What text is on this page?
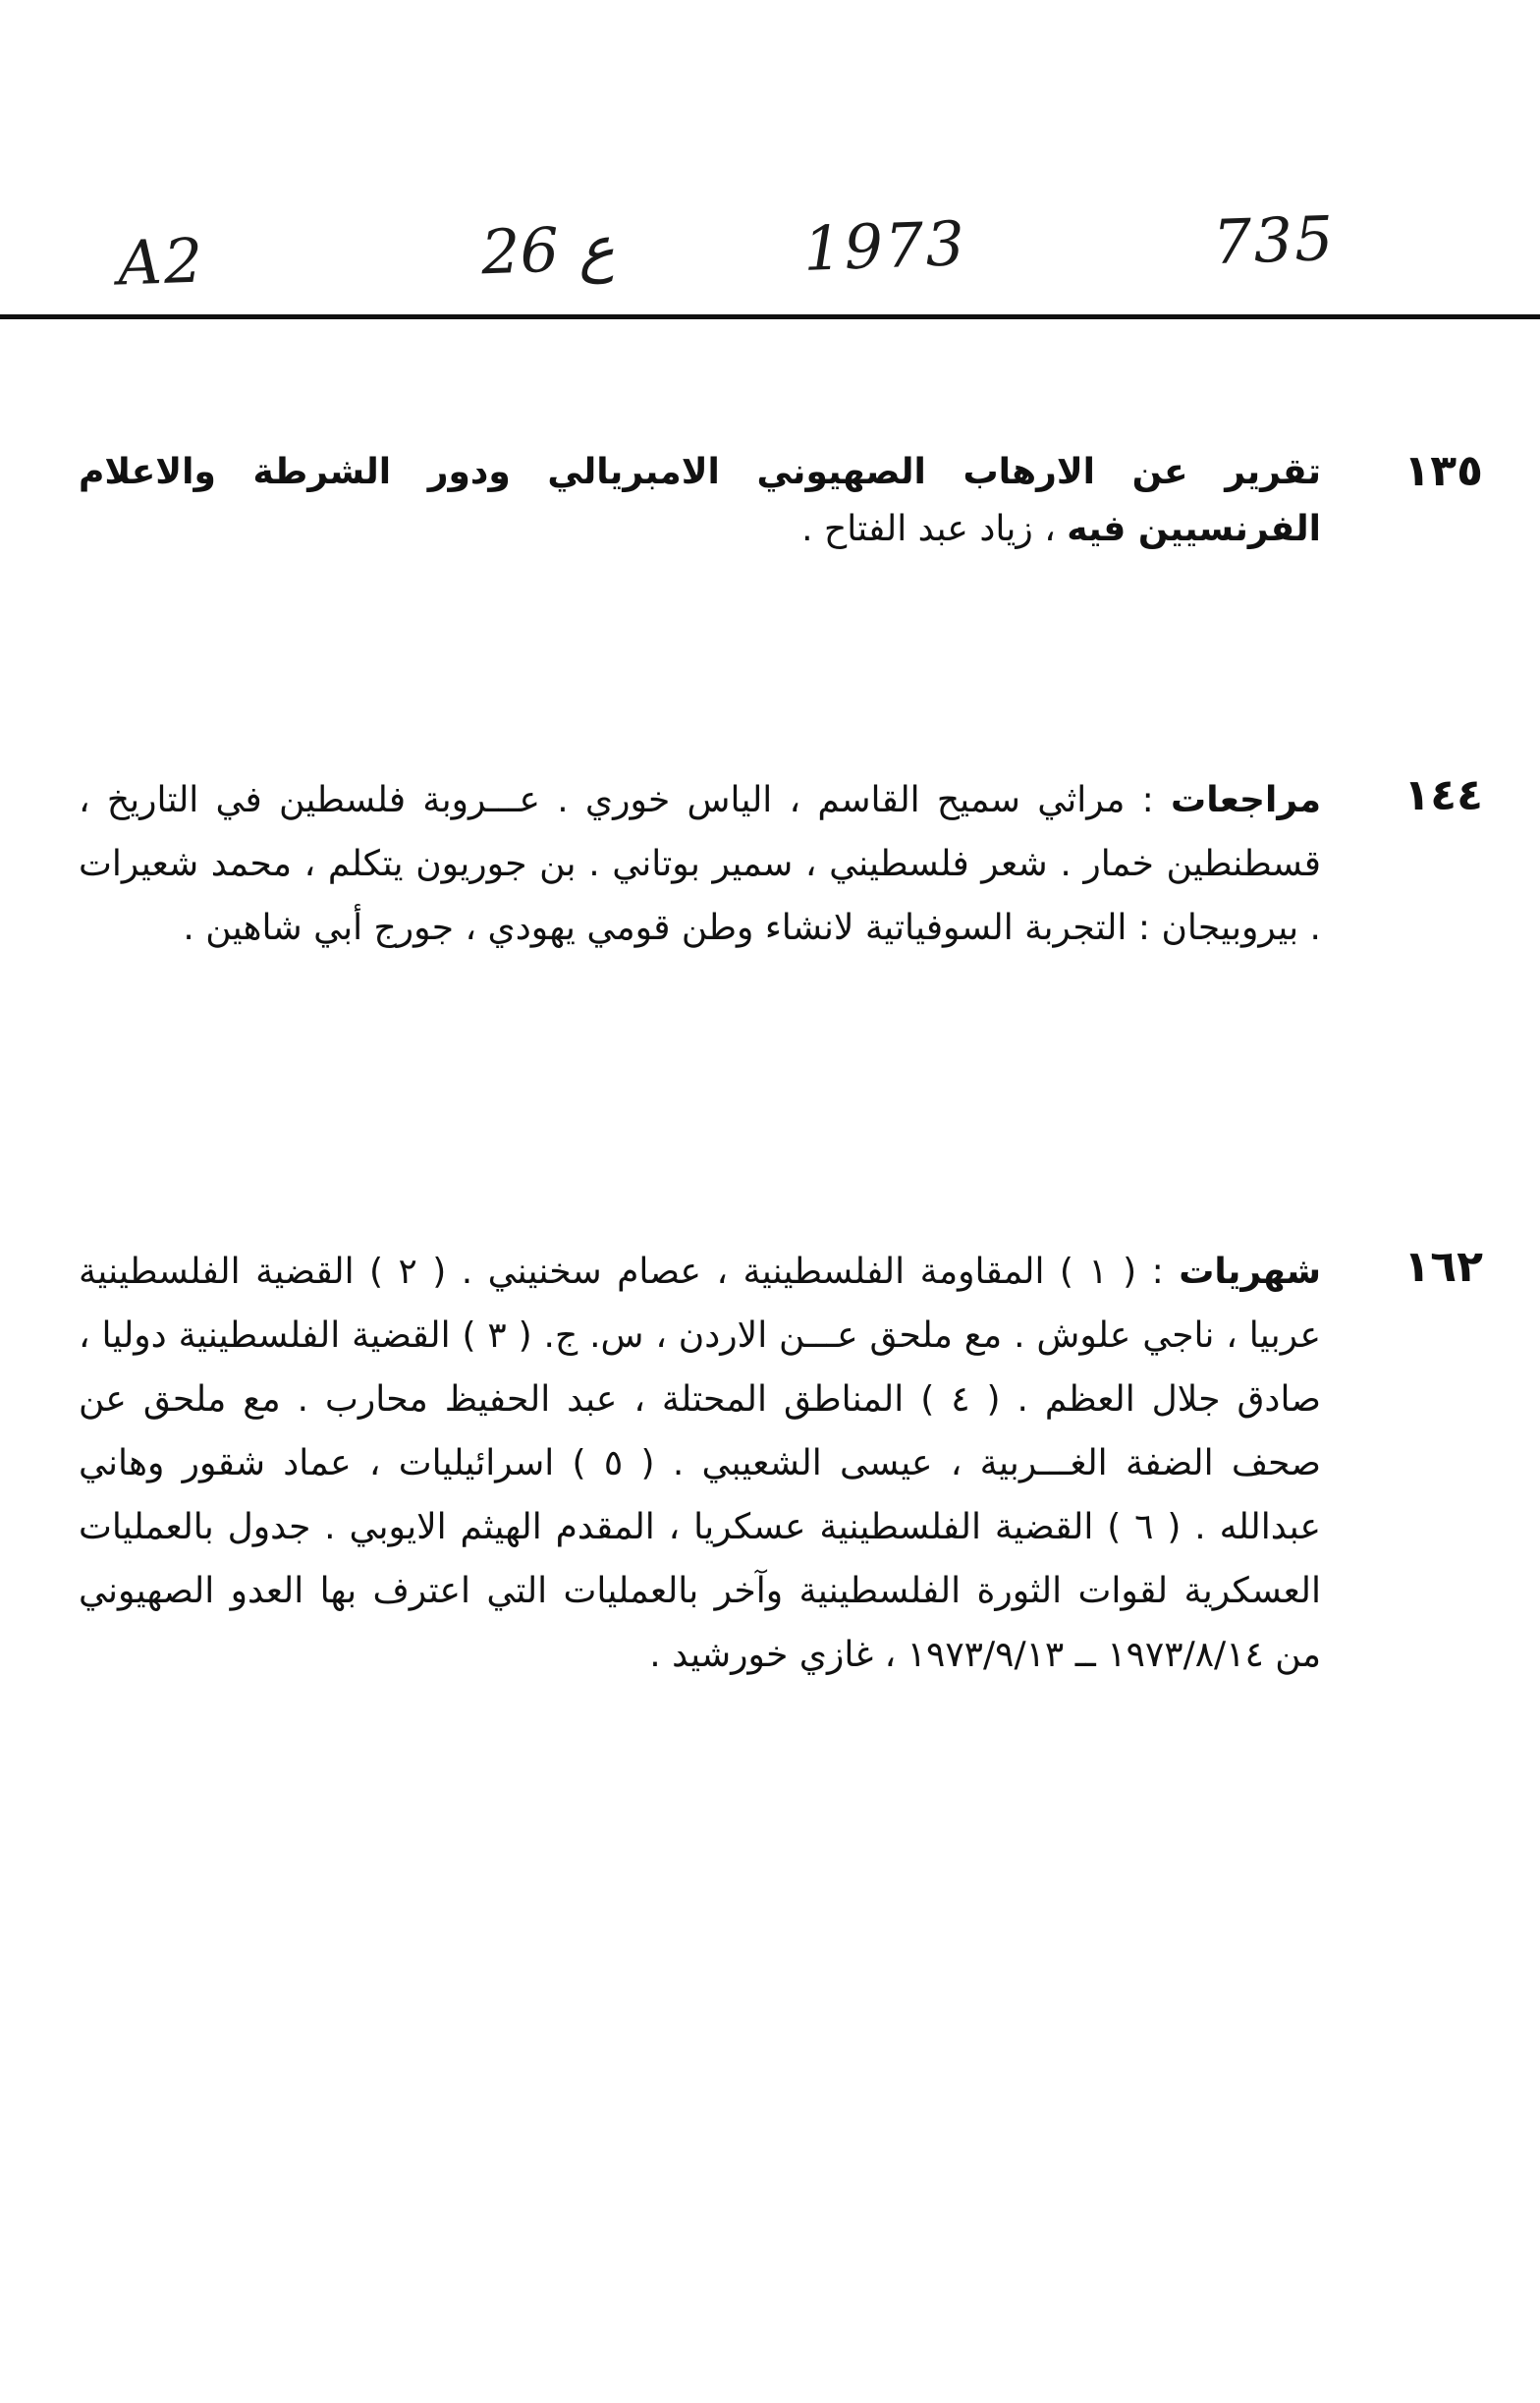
A2	26 ع	1973	735
١٣٥
تقرير عن الارهاب الصهيوني الامبريالي ودور الشرطة والاعلام الفرنسيين فيه ، زياد عبد الفتاح .
١٤٤
مراجعات : مراثي سميح القاسم ، الياس خوري . عـــروبة فلسطين في التاريخ ، قسطنطين خمار . شعر فلسطيني ، سمير بوتاني . بن جوريون يتكلم ، محمد شعيرات . بيروبيجان : التجربة السوفياتية لانشاء وطن قومي يهودي ، جورج أبي شاهين .
١٦٢
شهريات : ( ١ ) المقاومة الفلسطينية ، عصام سخنيني . ( ٢ ) القضية الفلسطينية عربيا ، ناجي علوش . مع ملحق عـــن الاردن ، س. ج. ( ٣ ) القضية الفلسطينية دوليا ، صادق جلال العظم . ( ٤ ) المناطق المحتلة ، عبد الحفيظ محارب . مع ملحق عن صحف الضفة الغـــربية ، عيسى الشعيبي . ( ٥ ) اسرائيليات ، عماد شقور وهاني عبدالله . ( ٦ ) القضية الفلسطينية عسكريا ، المقدم الهيثم الايوبي . جدول بالعمليات العسكرية لقوات الثورة الفلسطينية وآخر بالعمليات التي اعترف بها العدو الصهيوني من ١٩٧٣/٨/١٤ ــ ١٩٧٣/٩/١٣ ، غازي خورشيد .
